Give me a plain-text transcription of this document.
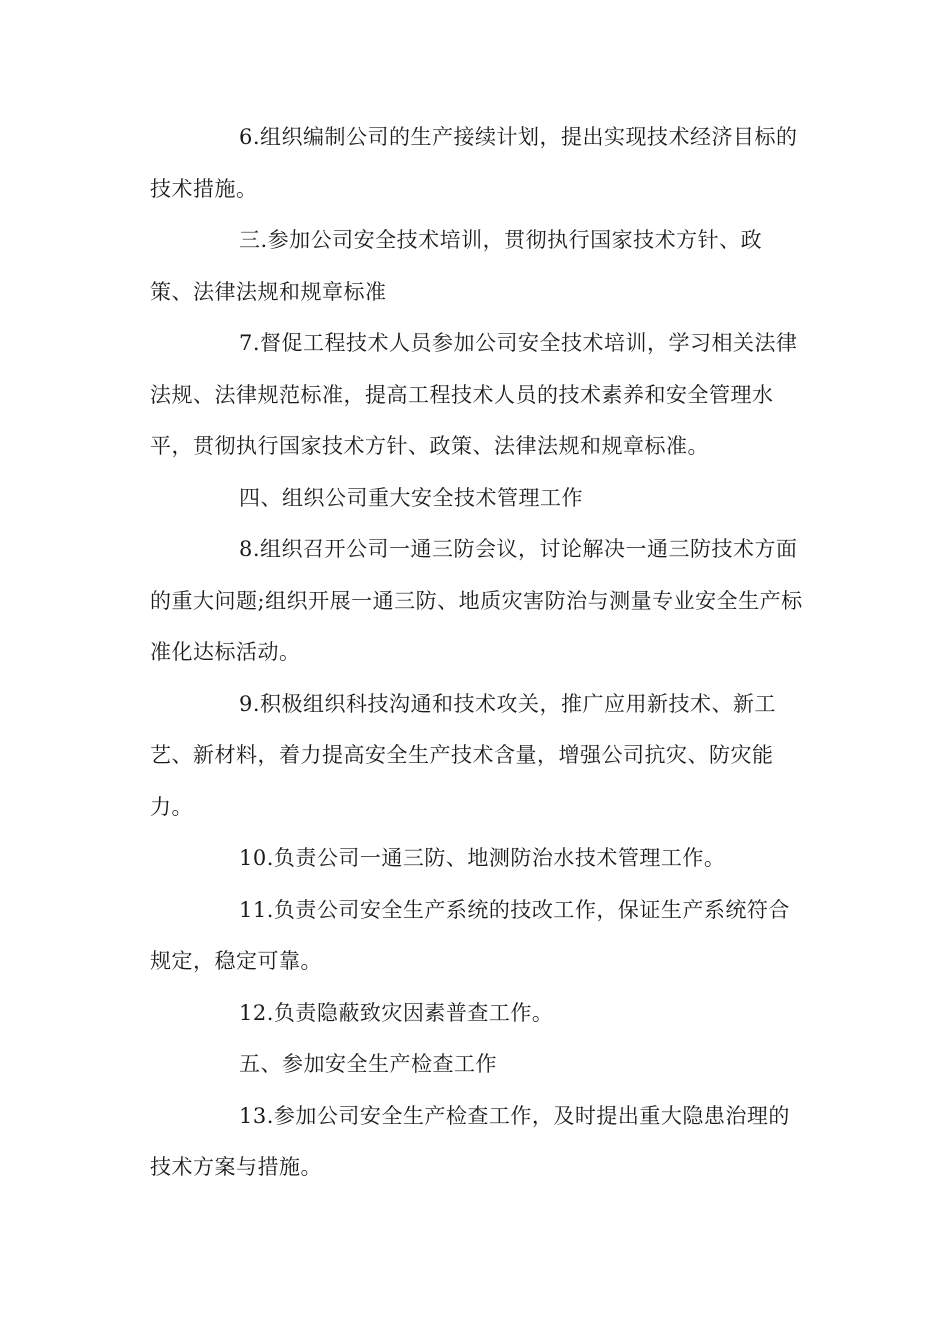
6.组织编制公司的生产接续计划，提出实现技术经济目标的技术措施。

三.参加公司安全技术培训，贯彻执行国家技术方针、政策、法律法规和规章标准

7.督促工程技术人员参加公司安全技术培训，学习相关法律法规、法律规范标准，提高工程技术人员的技术素养和安全管理水平，贯彻执行国家技术方针、政策、法律法规和规章标准。

四、组织公司重大安全技术管理工作

8.组织召开公司一通三防会议，讨论解决一通三防技术方面的重大问题;组织开展一通三防、地质灾害防治与测量专业安全生产标准化达标活动。

9.积极组织科技沟通和技术攻关，推广应用新技术、新工艺、新材料，着力提高安全生产技术含量，增强公司抗灾、防灾能力。

10.负责公司一通三防、地测防治水技术管理工作。

11.负责公司安全生产系统的技改工作，保证生产系统符合规定，稳定可靠。

12.负责隐蔽致灾因素普查工作。

五、参加安全生产检查工作

13.参加公司安全生产检查工作，及时提出重大隐患治理的技术方案与措施。
